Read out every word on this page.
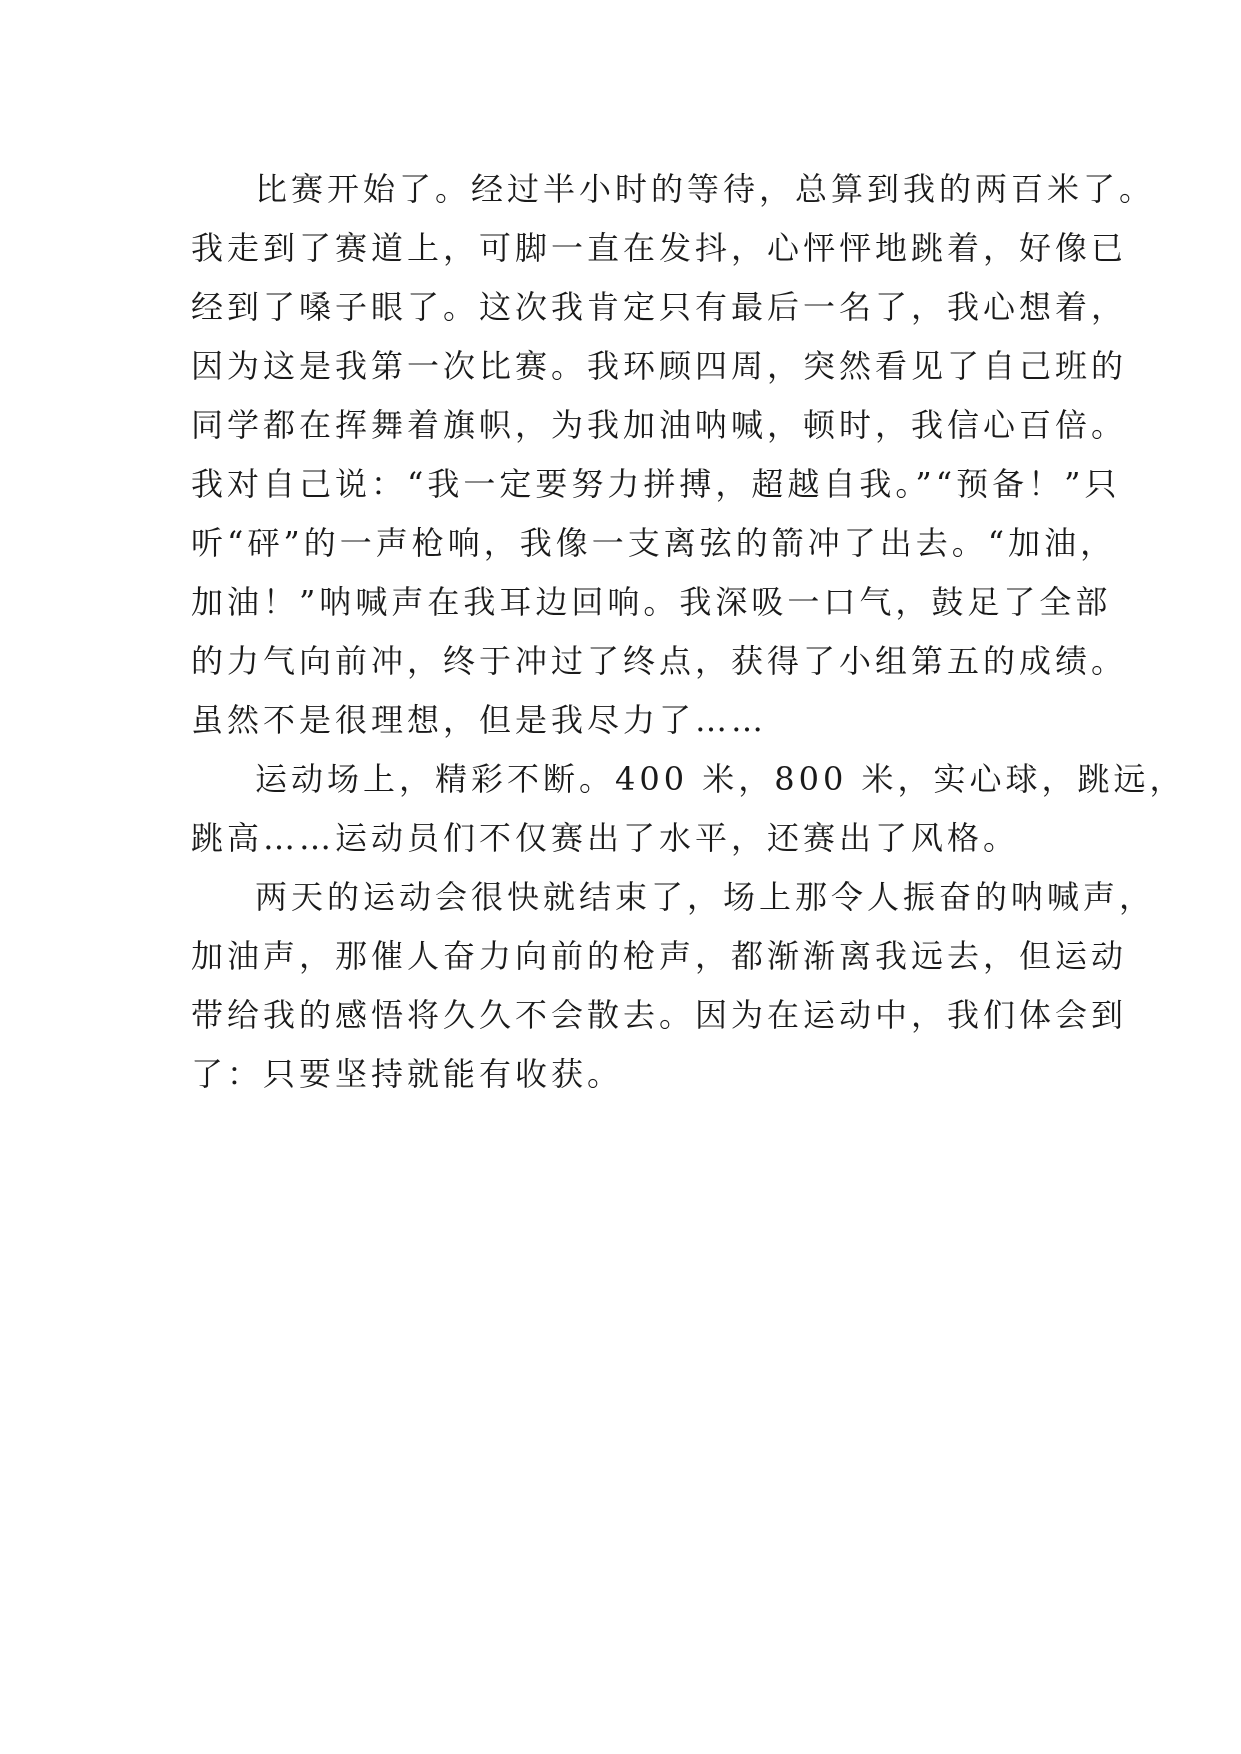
比赛开始了。经过半小时的等待，总算到我的两百米了。
我走到了赛道上，可脚一直在发抖，心怦怦地跳着，好像已
经到了嗓子眼了。这次我肯定只有最后一名了，我心想着，
因为这是我第一次比赛。我环顾四周，突然看见了自己班的
同学都在挥舞着旗帜，为我加油呐喊，顿时，我信心百倍。
我对自己说：“我一定要努力拼搏，超越自我。”“预备！”只
听“砰”的一声枪响，我像一支离弦的箭冲了出去。“加油，
加油！”呐喊声在我耳边回响。我深吸一口气，鼓足了全部
的力气向前冲，终于冲过了终点，获得了小组第五的成绩。
虽然不是很理想，但是我尽力了……
运动场上，精彩不断。400 米，800 米，实心球，跳远，
跳高……运动员们不仅赛出了水平，还赛出了风格。
两天的运动会很快就结束了，场上那令人振奋的呐喊声，
加油声，那催人奋力向前的枪声，都渐渐离我远去，但运动
带给我的感悟将久久不会散去。因为在运动中，我们体会到
了：只要坚持就能有收获。
